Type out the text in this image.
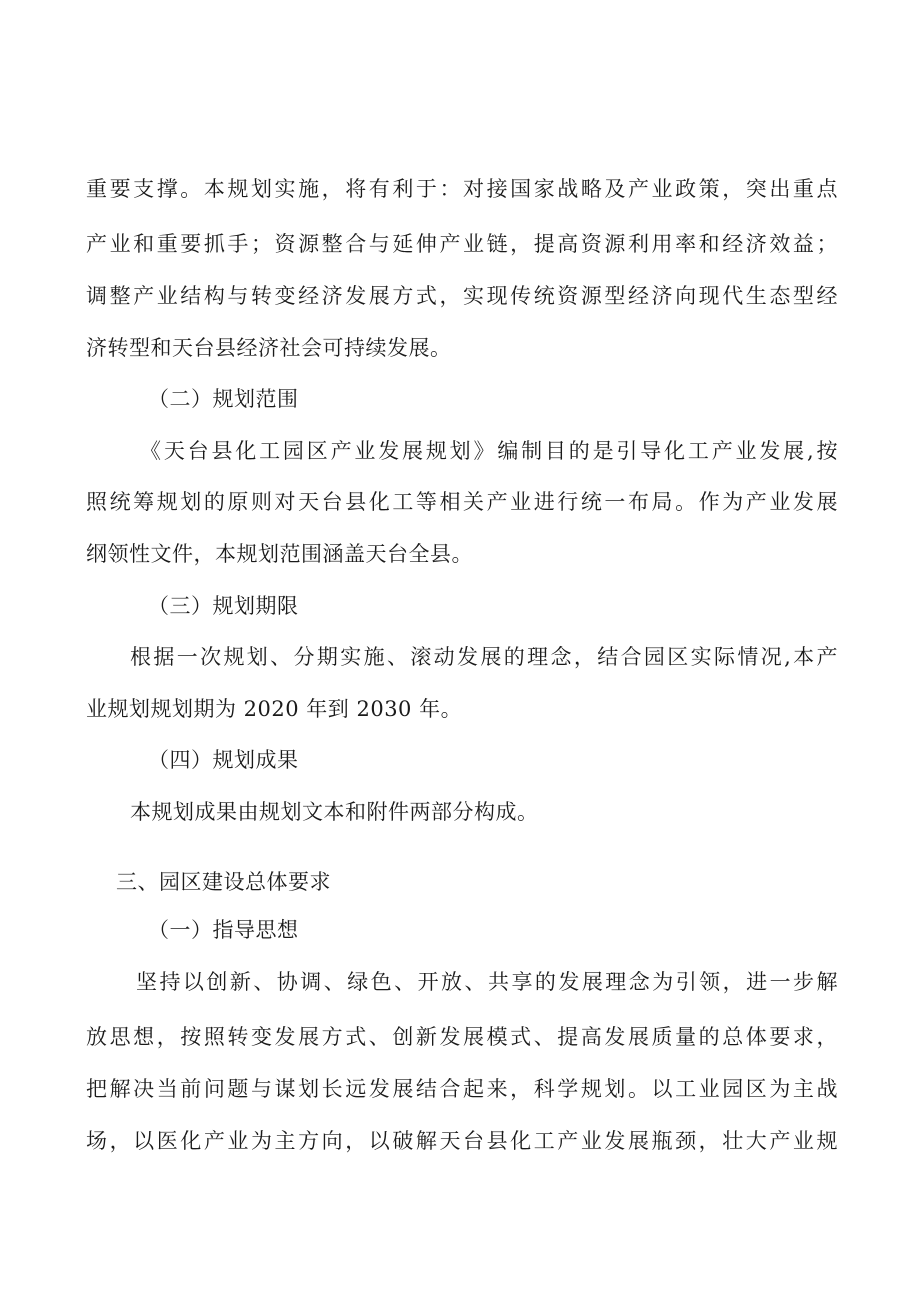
重要支撑。本规划实施，将有利于：对接国家战略及产业政策，突出重点
产业和重要抓手；资源整合与延伸产业链，提高资源利用率和经济效益；
调整产业结构与转变经济发展方式，实现传统资源型经济向现代生态型经
济转型和天台县经济社会可持续发展。
（二）规划范围
《天台县化工园区产业发展规划》编制目的是引导化工产业发展,按
照统筹规划的原则对天台县化工等相关产业进行统一布局。作为产业发展
纲领性文件，本规划范围涵盖天台全县。
（三）规划期限
根据一次规划、分期实施、滚动发展的理念，结合园区实际情况,本产
业规划规划期为 2020 年到 2030 年。
（四）规划成果
本规划成果由规划文本和附件两部分构成。
三、园区建设总体要求
（一）指导思想
坚持以创新、协调、绿色、开放、共享的发展理念为引领，进一步解
放思想，按照转变发展方式、创新发展模式、提高发展质量的总体要求，
把解决当前问题与谋划长远发展结合起来，科学规划。以工业园区为主战
场，以医化产业为主方向，以破解天台县化工产业发展瓶颈，壮大产业规
